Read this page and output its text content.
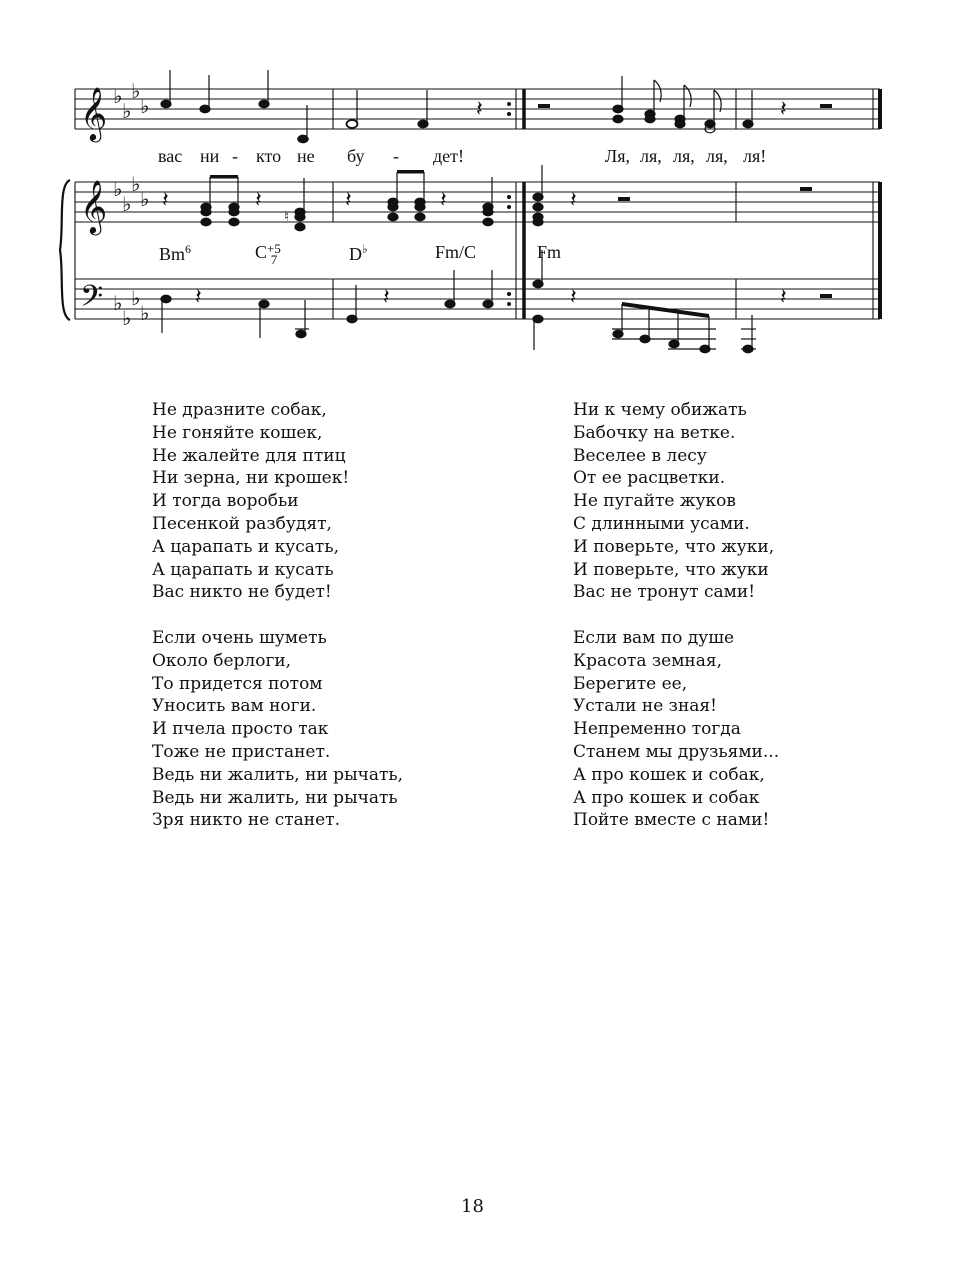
𝄞
𝄞
𝄢
♭
♭
♭
♭
♭
♭
♭
♭
♭
♭
♭
♭
𝄽	𝄽
𝄽	𝄽
♮
𝄽	𝄽	𝄽
𝄽	𝄽	𝄽	𝄽
вас ни - кто не бу - дет!	Ля, ля, ля, ля, ля!
Bm$^6$	C+5
7	D♭	Fm/C	Fm
Не дразните собак,
Не гоняйте кошек,
Не жалейте для птиц
Ни зерна, ни крошек!
И тогда воробьи
Песенкой разбудят,
А царапать и кусать,
А царапать и кусать
Вас никто не будет!
Ни к чему обижать
Бабочку на ветке.
Веселее в лесу
От ее расцветки.
Не пугайте жуков
С длинными усами.
И поверьте, что жуки,
И поверьте, что жуки
Вас не тронут сами!
Если очень шуметь
Около берлоги,
То придется потом
Уносить вам ноги.
И пчела просто так
Тоже не пристанет.
Ведь ни жалить, ни рычать,
Ведь ни жалить, ни рычать
Зря никто не станет.
Если вам по душе
Красота земная,
Берегите ее,
Устали не зная!
Непременно тогда
Станем мы друзьями...
А про кошек и собак,
А про кошек и собак
Пойте вместе с нами!
18
